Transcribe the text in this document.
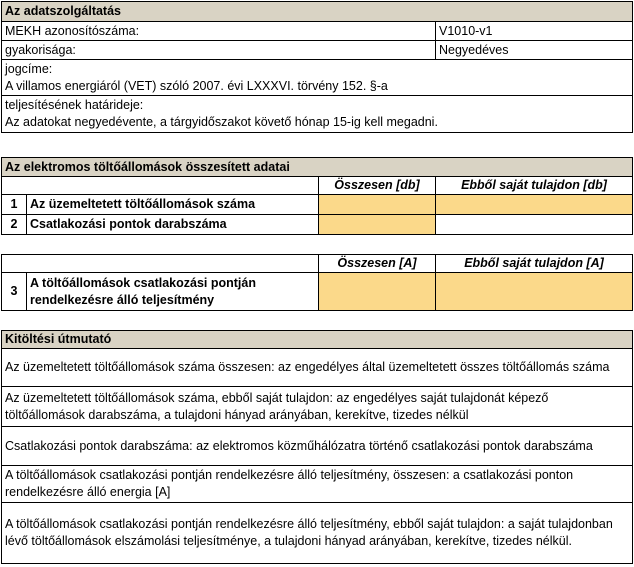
Az adatszolgáltatás	
MEKH azonosítószáma:	V1010-v1
gyakorisága:	Negyedéves

jogcíme:
A villamos energiáról (VET) szóló 2007. évi LXXXVI. törvény 152. §-a	

teljesítésének határideje:
Az adatokat negyedévente, a tárgyidőszakot követő hónap 15-ig kell megadni.	
Az elektromos töltőállomások összesített adatai			
		Összesen [db]	Ebből saját tulajdon [db]
1	Az üzemeltetett töltőállomások száma		
2	Csatlakozási pontok darabszáma		
		Összesen [A]	Ebből saját tulajdon [A]
3	A töltőállomások csatlakozási pontján
rendelkezésre álló teljesítmény		

Kitöltési útmutató
Az üzemeltetett töltőállomások száma összesen: az engedélyes által üzemeltetett összes töltőállomás száma
Az üzemeltetett töltőállomások száma, ebből saját tulajdon: az engedélyes saját tulajdonát képező töltőállomások darabszáma, a tulajdoni hányad arányában, kerekítve, tizedes nélkül
Csatlakozási pontok darabszáma: az elektromos közműhálózatra történő csatlakozási pontok darabszáma
A töltőállomások csatlakozási pontján rendelkezésre álló teljesítmény, összesen: a csatlakozási ponton rendelkezésre álló energia [A]
A töltőállomások csatlakozási pontján rendelkezésre álló teljesítmény, ebből saját tulajdon: a saját tulajdonban lévő töltőállomások elszámolási teljesítménye, a tulajdoni hányad arányában, kerekítve, tizedes nélkül.
